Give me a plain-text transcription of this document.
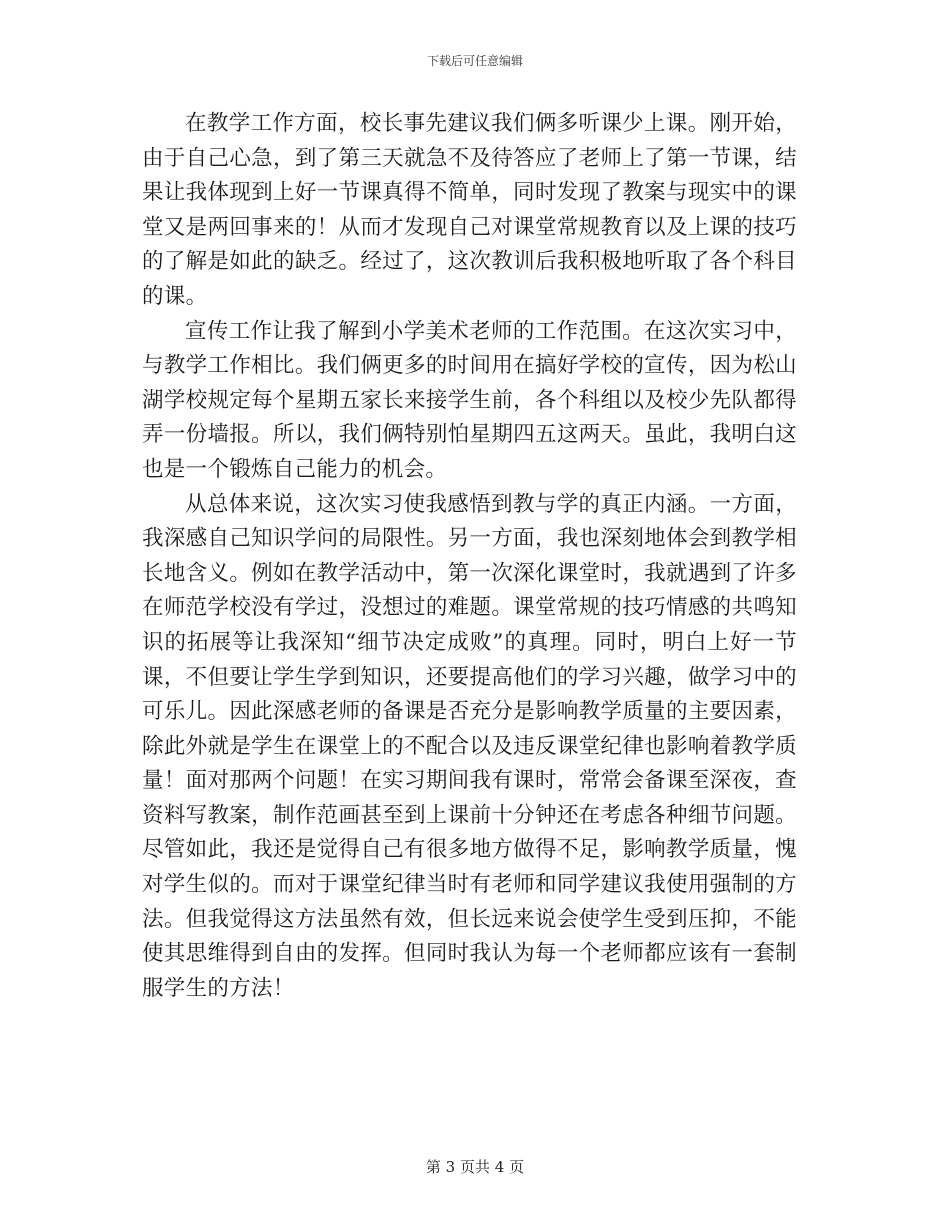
下载后可任意编辑

在教学工作方面，校长事先建议我们俩多听课少上课。刚开始，由于自己心急，到了第三天就急不及待答应了老师上了第一节课，结果让我体现到上好一节课真得不简单，同时发现了教案与现实中的课堂又是两回事来的！从而才发现自己对课堂常规教育以及上课的技巧的了解是如此的缺乏。经过了，这次教训后我积极地听取了各个科目的课。

宣传工作让我了解到小学美术老师的工作范围。在这次实习中，与教学工作相比。我们俩更多的时间用在搞好学校的宣传，因为松山湖学校规定每个星期五家长来接学生前，各个科组以及校少先队都得弄一份墙报。所以，我们俩特别怕星期四五这两天。虽此，我明白这也是一个锻炼自己能力的机会。

从总体来说，这次实习使我感悟到教与学的真正内涵。一方面，我深感自己知识学问的局限性。另一方面，我也深刻地体会到教学相长地含义。例如在教学活动中，第一次深化课堂时，我就遇到了许多在师范学校没有学过，没想过的难题。课堂常规的技巧情感的共鸣知识的拓展等让我深知“细节决定成败”的真理。同时，明白上好一节课，不但要让学生学到知识，还要提高他们的学习兴趣，做学习中的可乐儿。因此深感老师的备课是否充分是影响教学质量的主要因素，除此外就是学生在课堂上的不配合以及违反课堂纪律也影响着教学质量！面对那两个问题！在实习期间我有课时，常常会备课至深夜，查资料写教案，制作范画甚至到上课前十分钟还在考虑各种细节问题。尽管如此，我还是觉得自己有很多地方做得不足，影响教学质量，愧对学生似的。而对于课堂纪律当时有老师和同学建议我使用强制的方法。但我觉得这方法虽然有效，但长远来说会使学生受到压抑，不能使其思维得到自由的发挥。但同时我认为每一个老师都应该有一套制服学生的方法！

第 3 页共 4 页
